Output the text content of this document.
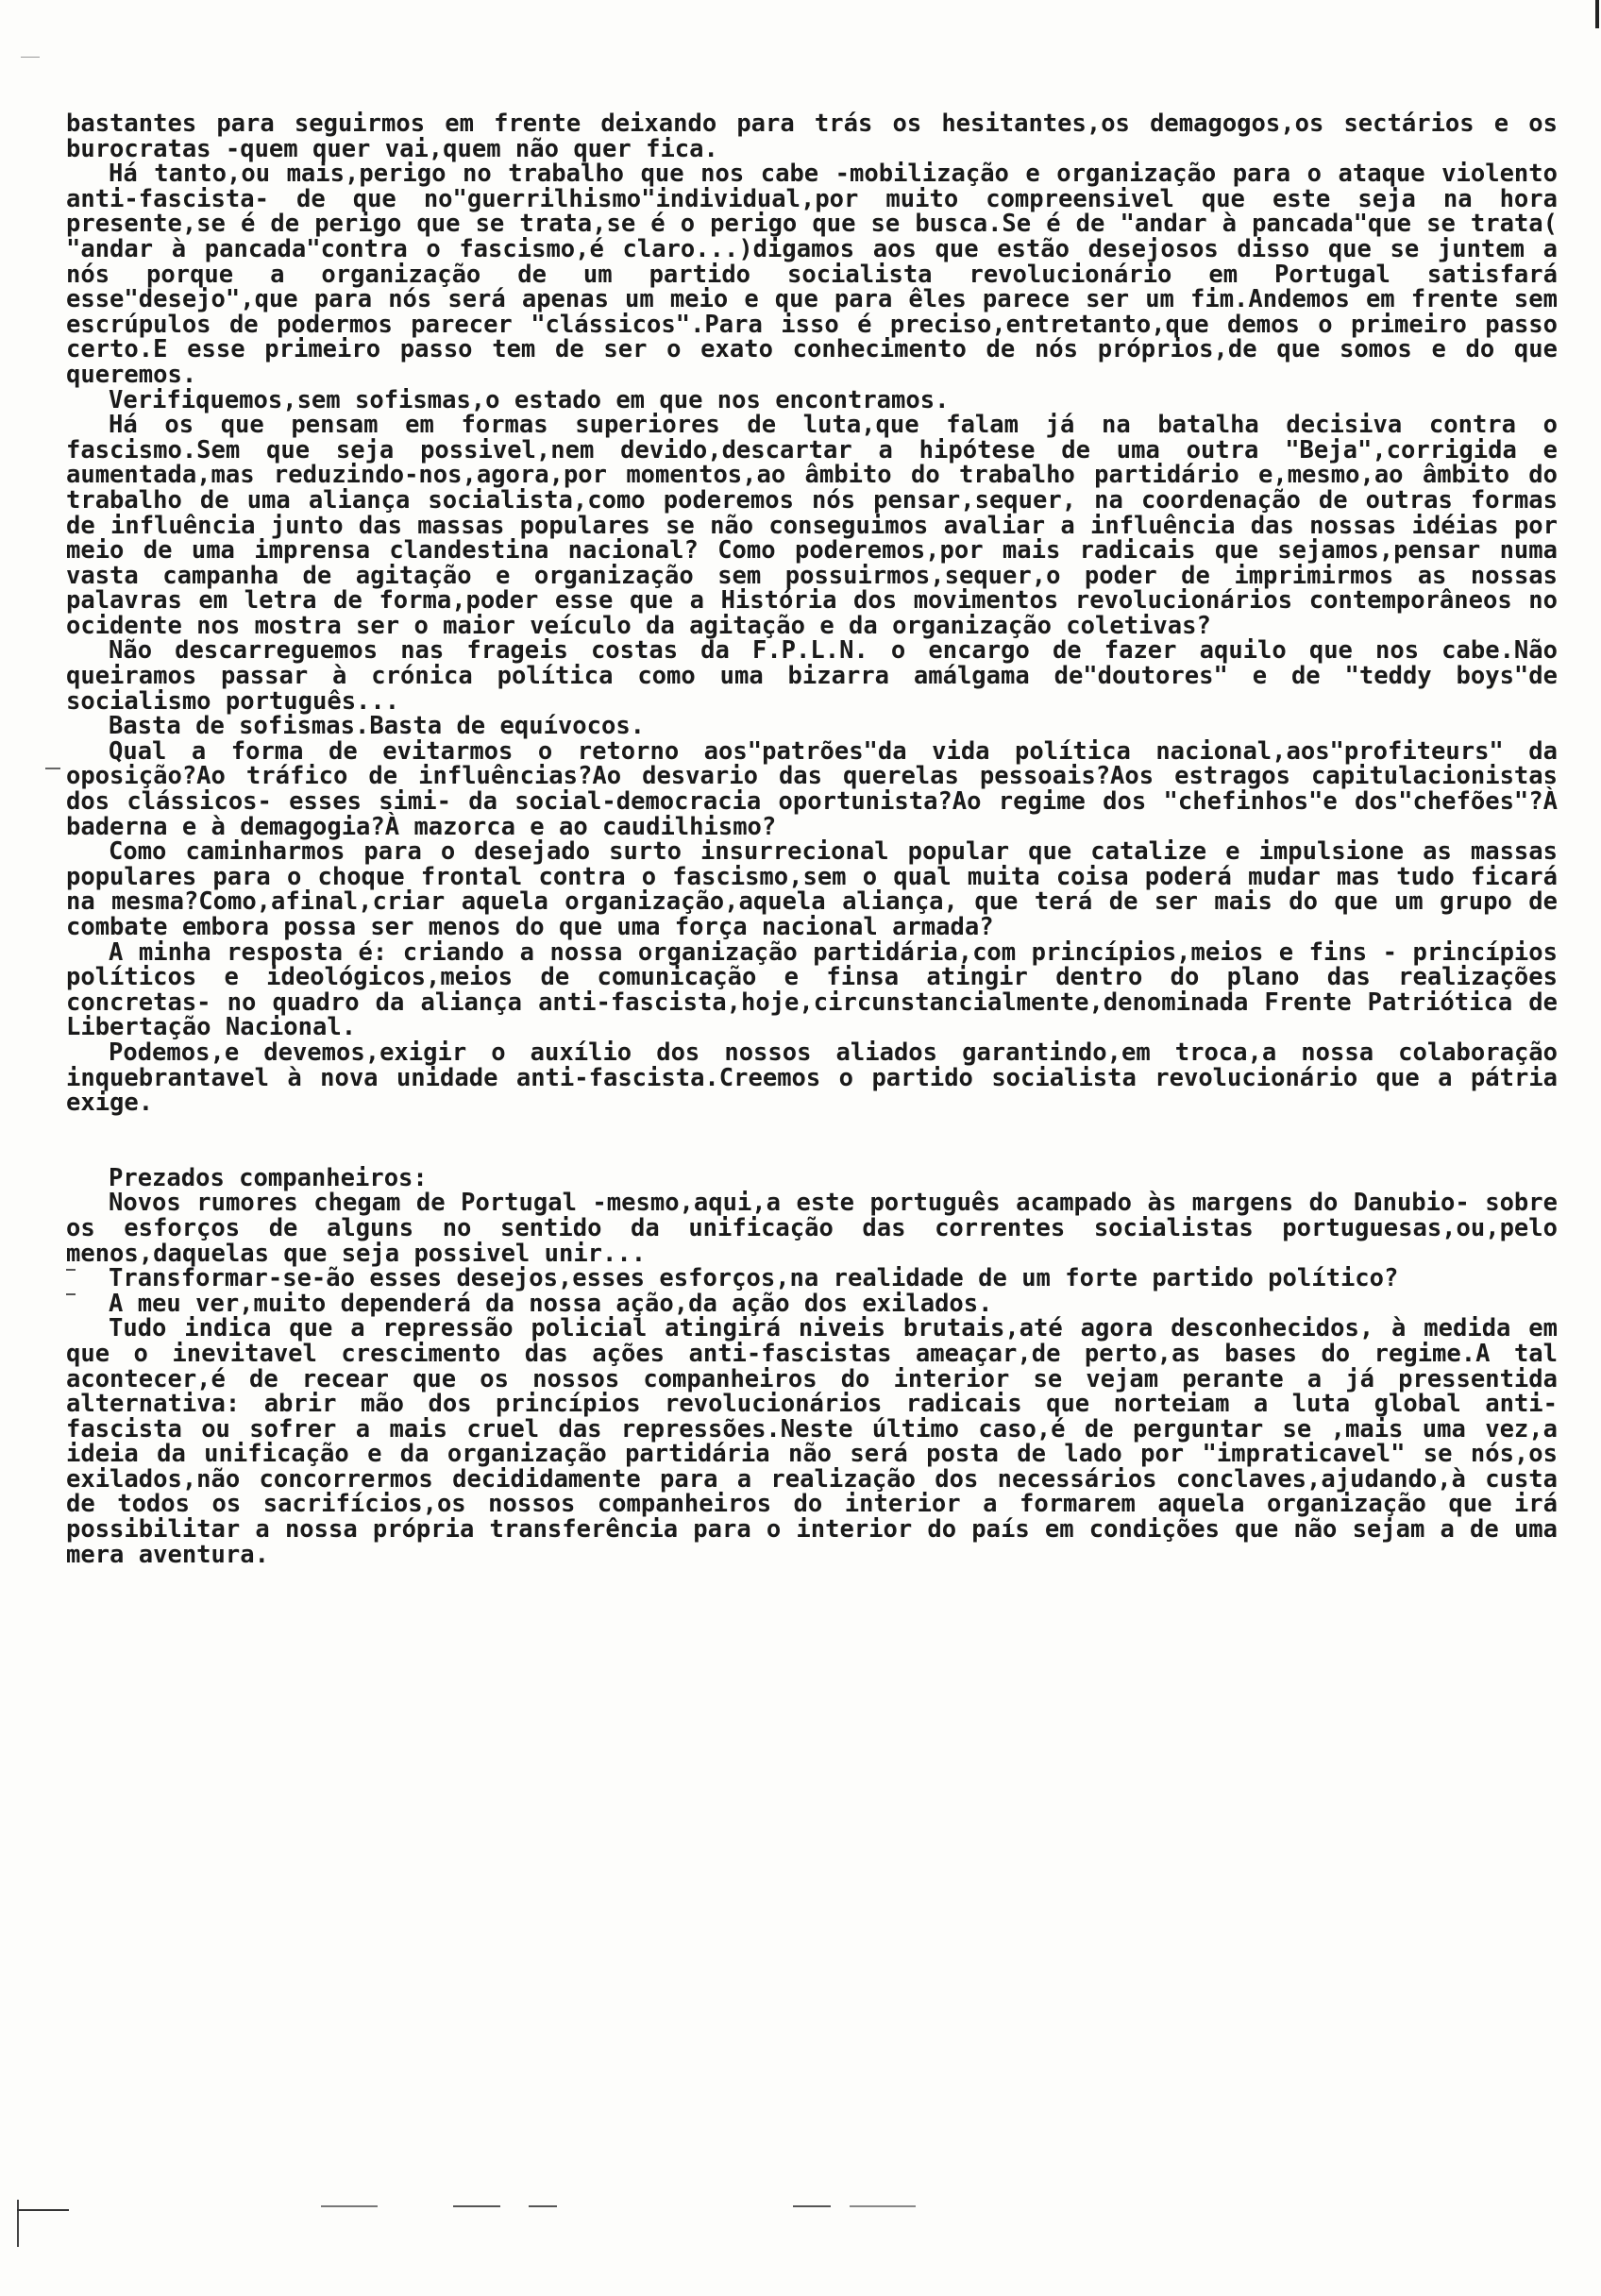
bastantes para seguirmos em frente deixando para trás os hesitantes,os demagogos,os sectários e os burocratas -quem quer vai,quem não quer fica.

Há tanto,ou mais,perigo no trabalho que nos cabe -mobilização e organização para o ataque violento anti-fascista- de que no"guerrilhismo"individual,por muito compreensivel que este seja na hora presente,se é de perigo que se trata,se é o perigo que se busca.Se é de "andar à pancada"que se trata( "andar à pancada"contra o fascismo,é claro...)digamos aos que estão desejosos disso que se juntem a nós porque a organização de um partido socialista revolucionário em Portugal satisfará esse"desejo",que para nós será apenas um meio e que para êles parece ser um fim.Andemos em frente sem escrúpulos de podermos parecer "clássicos".Para isso é preciso,entretanto,que demos o primeiro passo certo.E esse primeiro passo tem de ser o exato conhecimento de nós próprios,de que somos e do que queremos.

Verifiquemos,sem sofismas,o estado em que nos encontramos.

Há os que pensam em formas superiores de luta,que falam já na batalha decisiva contra o fascismo.Sem que seja possivel,nem devido,descartar a hipótese de uma outra "Beja",corrigida e aumentada,mas reduzindo-nos,agora,por momentos,ao âmbito do trabalho partidário e,mesmo,ao âmbito do trabalho de uma aliança socialista,como poderemos nós pensar,sequer, na coordenação de outras formas de influência junto das massas populares se não conseguimos avaliar a influência das nossas idéias por meio de uma imprensa clandestina nacional? Como poderemos,por mais radicais que sejamos,pensar numa vasta campanha de agitação e organização sem possuirmos,sequer,o poder de imprimirmos as nossas palavras em letra de forma,poder esse que a História dos movimentos revolucionários contemporâneos no ocidente nos mostra ser o maior veículo da agitação e da organização coletivas?

Não descarreguemos nas frageis costas da F.P.L.N. o encargo de fazer aquilo que nos cabe.Não queiramos passar à crónica política como uma bizarra amálgama de"doutores" e de "teddy boys"de socialismo português...

Basta de sofismas.Basta de equívocos.

Qual a forma de evitarmos o retorno aos"patrões"da vida política nacional,aos"profiteurs" da oposição?Ao tráfico de influências?Ao desvario das querelas pessoais?Aos estragos capitulacionistas dos clássicos- esses simi- da social-democracia oportunista?Ao regime dos "chefinhos"e dos"chefões"?À baderna e à demagogia?À mazorca e ao caudilhismo?

Como caminharmos para o desejado surto insurrecional popular que catalize e impulsione as massas populares para o choque frontal contra o fascismo,sem o qual muita coisa poderá mudar mas tudo ficará na mesma?Como,afinal,criar aquela organização,aquela aliança, que terá de ser mais do que um grupo de combate embora possa ser menos do que uma força nacional armada?

A minha resposta é: criando a nossa organização partidária,com princípios,meios e fins - princípios políticos e ideológicos,meios de comunicação e finsa atingir dentro do plano das realizações concretas- no quadro da aliança anti-fascista,hoje,circunstancialmente,denominada Frente Patriótica de Libertação Nacional.

Podemos,e devemos,exigir o auxílio dos nossos aliados garantindo,em troca,a nossa colaboração inquebrantavel à nova unidade anti-fascista.Creemos o partido socialista revolucionário que a pátria exige.

Prezados companheiros:

Novos rumores chegam de Portugal -mesmo,aqui,a este português acampado às margens do Danubio- sobre os esforços de alguns no sentido da unificação das correntes socialistas portuguesas,ou,pelo menos,daquelas que seja possivel unir...

Transformar-se-ão esses desejos,esses esforços,na realidade de um forte partido político?

A meu ver,muito dependerá da nossa ação,da ação dos exilados.

Tudo indica que a repressão policial atingirá niveis brutais,até agora desconhecidos, à medida em que o inevitavel crescimento das ações anti-fascistas ameaçar,de perto,as bases do regime.A tal acontecer,é de recear que os nossos companheiros do interior se vejam perante a já pressentida alternativa: abrir mão dos princípios revolucionários radicais que norteiam a luta global anti-fascista ou sofrer a mais cruel das repressões.Neste último caso,é de perguntar se ,mais uma vez,a ideia da unificação e da organização partidária não será posta de lado por "impraticavel" se nós,os exilados,não concorrermos decididamente para a realização dos necessários conclaves,ajudando,à custa de todos os sacrifícios,os nossos companheiros do interior a formarem aquela organização que irá possibilitar a nossa própria transferência para o interior do país em condições que não sejam a de uma mera aventura.
